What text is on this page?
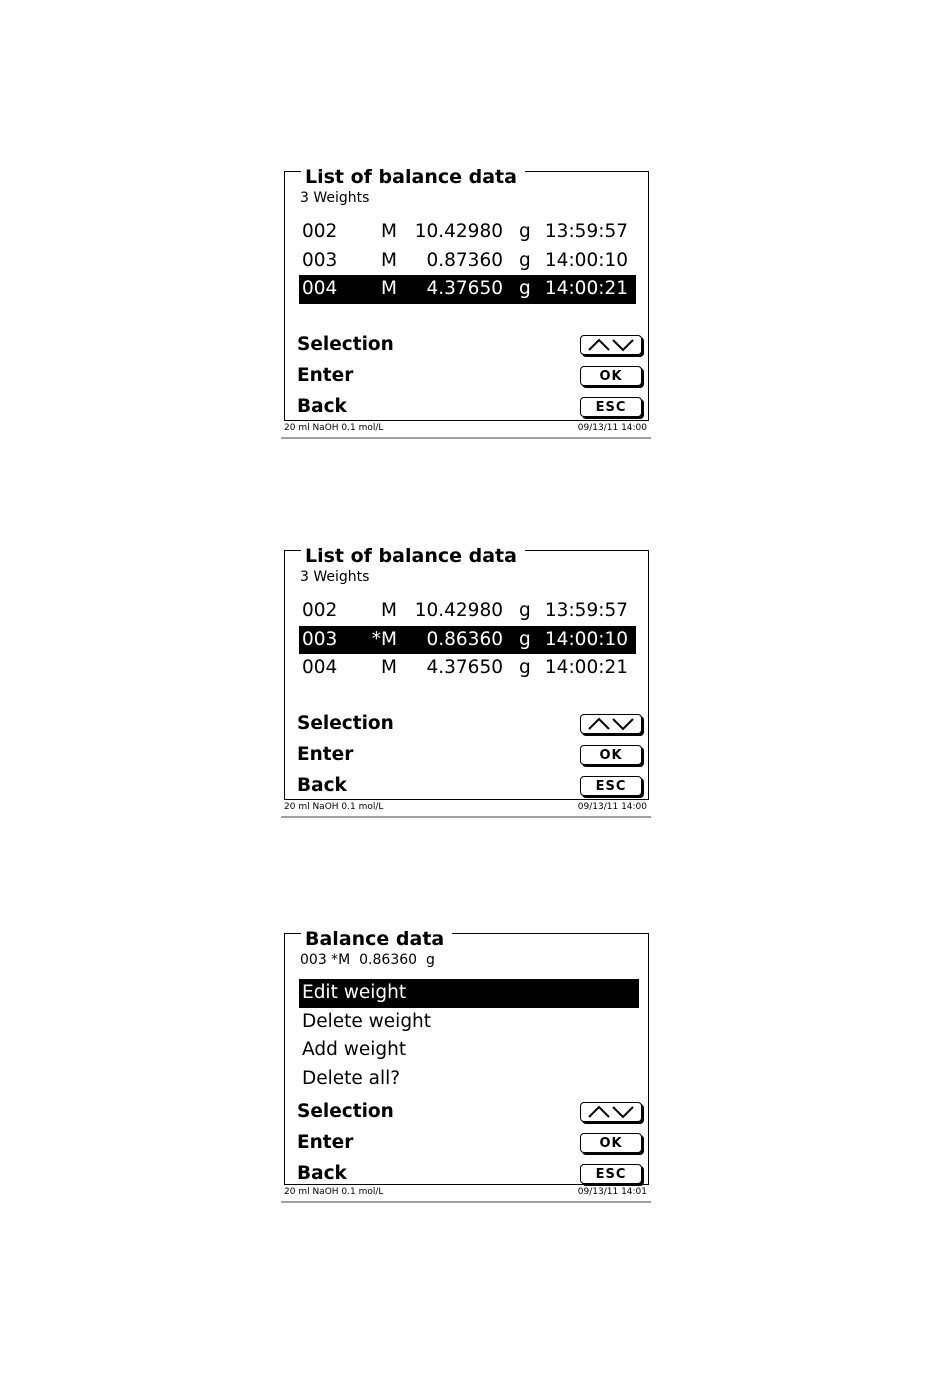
List of balance data
3 Weights
002 M 10.42980 g 13:59:57
003 M 0.87360 g 14:00:10
004 M 4.37650 g 14:00:21
Selection
Enter	OK
Back	ESC
20 ml NaOH 0.1 mol/L	09/13/11 14:00
List of balance data
3 Weights
002 M 10.42980 g 13:59:57
003 *M 0.86360 g 14:00:10
004 M 4.37650 g 14:00:21
Selection
Enter	OK
Back	ESC
20 ml NaOH 0.1 mol/L	09/13/11 14:00
Balance data
003 *M  0.86360  g
Edit weight
Delete weight
Add weight
Delete all?
Selection
Enter	OK
Back	ESC
20 ml NaOH 0.1 mol/L	09/13/11 14:01
